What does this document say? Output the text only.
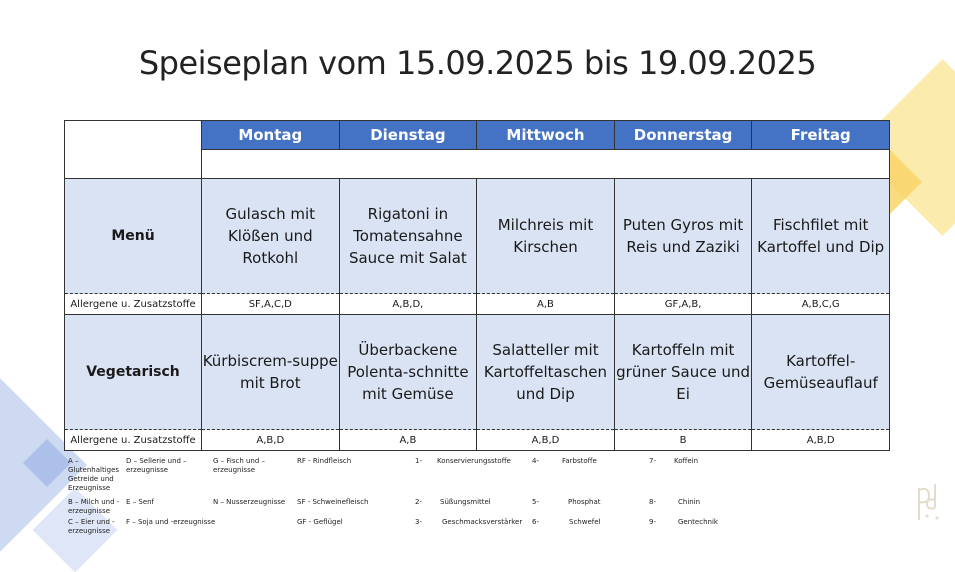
Speiseplan vom 15.09.2025 bis 19.09.2025
	Montag	Dienstag	Mittwoch	Donnerstag	Freitag

Menü	Gulasch mit Klößen und Rotkohl	Rigatoni in Tomatensahne Sauce mit Salat	Milchreis mit Kirschen	Puten Gyros mit Reis und Zaziki	Fischfilet mit Kartoffel und Dip
Allergene u. Zusatzstoffe	SF,A,C,D	A,B,D,	A,B	GF,A,B,	A,B,C,G
Vegetarisch	Kürbiscrem-suppe mit Brot	Überbackene Polenta-schnitte mit Gemüse	Salatteller mit Kartoffeltaschen und Dip	Kartoffeln mit grüner Sauce und Ei	Kartoffel-Gemüseauflauf
Allergene u. Zusatzstoffe	A,B,D	A,B	A,B,D	B	A,B,D
A – Glutenhaltiges Getreide und Erzeugnisse
B – Milch und -erzeugnisse
C – Eier und -erzeugnisse
D – Sellerie und –erzeugnisse
E – Senf
F – Soja und -erzeugnisse
G – Fisch und –erzeugnisse
N – Nusserzeugnisse
RF - Rindfleisch
SF - Schweinefleisch
GF - Geflügel
1- Konservierungsstoffe
2-	Süßungsmittel
3-	Geschmacksverstärker
4-	Farbstoffe
5-	Phosphat
6-	Schwefel
7-	Koffein
8-	Chinin
9-	Gentechnik
